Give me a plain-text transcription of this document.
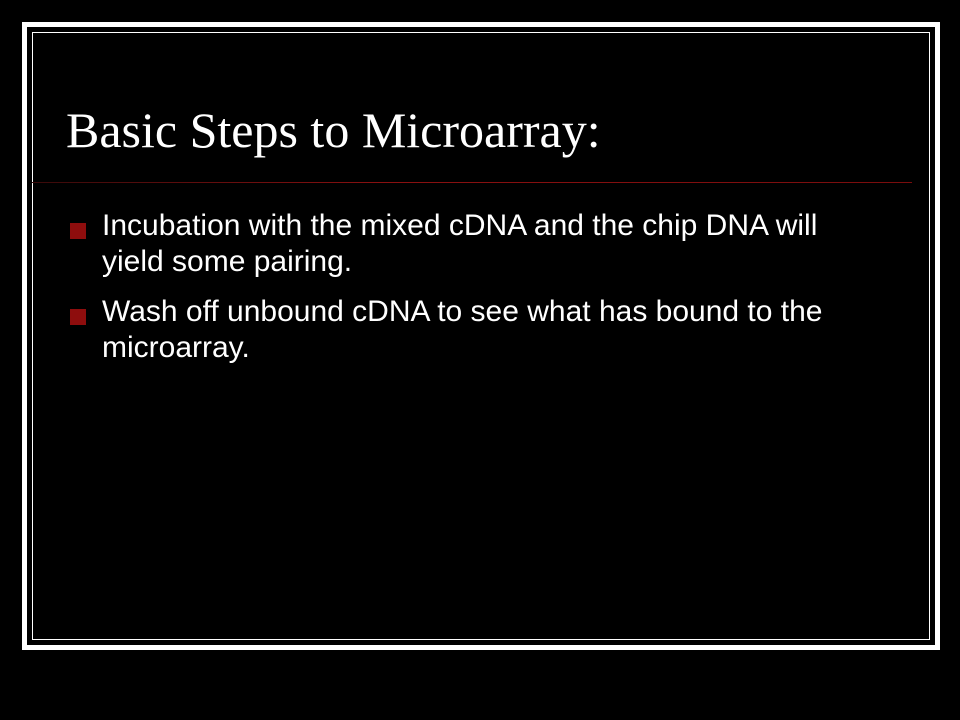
Basic Steps to Microarray:
Incubation with the mixed cDNA and the chip DNA will yield some pairing.
Wash off unbound cDNA to see what has bound to the microarray.
